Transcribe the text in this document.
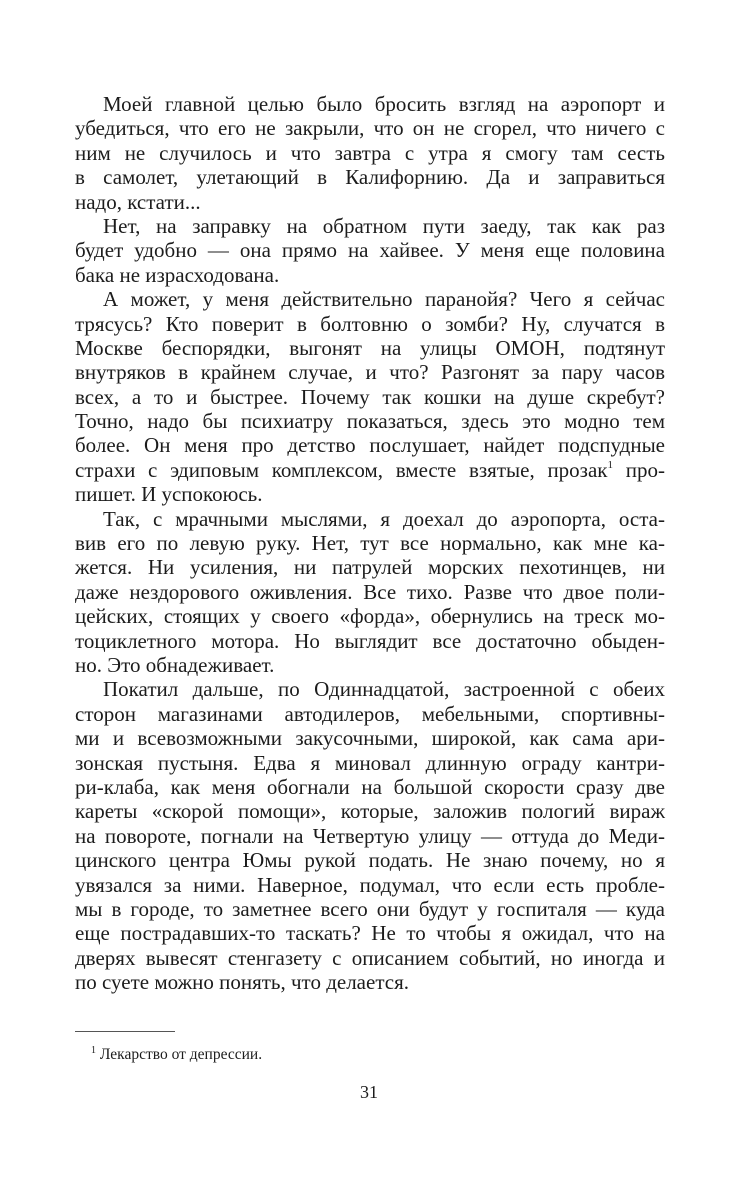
Моей главной целью было бросить взгляд на аэропорт и
убедиться, что его не закрыли, что он не сгорел, что ничего с
ним не случилось и что завтра с утра я смогу там сесть
в самолет, улетающий в Калифорнию. Да и заправиться
надо, кстати...
Нет, на заправку на обратном пути заеду, так как раз
будет удобно — она прямо на хайвее. У меня еще половина
бака не израсходована.
А может, у меня действительно паранойя? Чего я сейчас
трясусь? Кто поверит в болтовню о зомби? Ну, случатся в
Москве беспорядки, выгонят на улицы ОМОН, подтянут
внутряков в крайнем случае, и что? Разгонят за пару часов
всех, а то и быстрее. Почему так кошки на душе скребут?
Точно, надо бы психиатру показаться, здесь это модно тем
более. Он меня про детство послушает, найдет подспудные
страхи с эдиповым комплексом, вместе взятые, прозак$^1$ про-
пишет. И успокоюсь.
Так, с мрачными мыслями, я доехал до аэропорта, оста-
вив его по левую руку. Нет, тут все нормально, как мне ка-
жется. Ни усиления, ни патрулей морских пехотинцев, ни
даже нездорового оживления. Все тихо. Разве что двое поли-
цейских, стоящих у своего «форда», обернулись на треск мо-
тоциклетного мотора. Но выглядит все достаточно обыден-
но. Это обнадеживает.
Покатил дальше, по Одиннадцатой, застроенной с обеих
сторон магазинами автодилеров, мебельными, спортивны-
ми и всевозможными закусочными, широкой, как сама ари-
зонская пустыня. Едва я миновал длинную ограду кантри-
ри-клаба, как меня обогнали на большой скорости сразу две
кареты «скорой помощи», которые, заложив пологий вираж
на повороте, погнали на Четвертую улицу — оттуда до Меди-
цинского центра Юмы рукой подать. Не знаю почему, но я
увязался за ними. Наверное, подумал, что если есть пробле-
мы в городе, то заметнее всего они будут у госпиталя — куда
еще пострадавших-то таскать? Не то чтобы я ожидал, что на
дверях вывесят стенгазету с описанием событий, но иногда и
по суете можно понять, что делается.
$^1$ Лекарство от депрессии.
31
